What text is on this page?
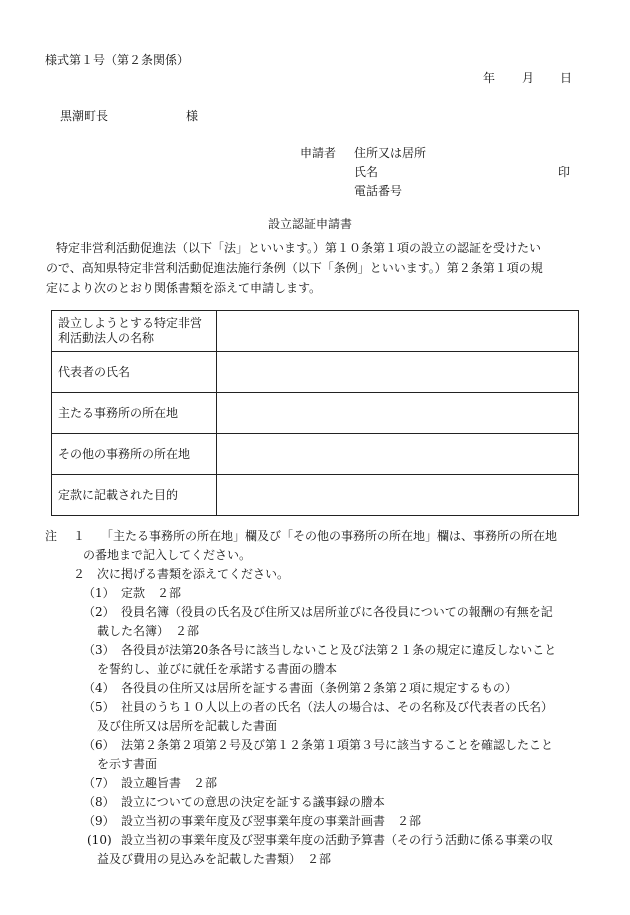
様式第１号（第２条関係）
年 月 日
黒潮町長	様
申請者 住所又は居所
氏名	印
電話番号
設立認証申請書
特定非営利活動促進法（以下「法」といいます。）第１０条第１項の設立の認証を受けたい
ので、高知県特定非営利活動促進法施行条例（以下「条例」といいます。）第２条第１項の規
定により次のとおり関係書類を添えて申請します。
設立しようとする特定非営
利活動法人の名称	

代表者の氏名	
主たる事務所の所在地	
その他の事務所の所在地	
定款に記載された目的	
注 １ 「主たる事務所の所在地」欄及び「その他の事務所の所在地」欄は、事務所の所在地
の番地まで記入してください。
２ 次に掲げる書類を添えてください。
（1） 定款　２部
（2） 役員名簿（役員の氏名及び住所又は居所並びに各役員についての報酬の有無を記
載した名簿）　２部
（3） 各役員が法第20条各号に該当しないこと及び法第２１条の規定に違反しないこと
を誓約し、並びに就任を承諾する書面の謄本
（4） 各役員の住所又は居所を証する書面（条例第２条第２項に規定するもの）
（5） 社員のうち１０人以上の者の氏名（法人の場合は、その名称及び代表者の氏名）
及び住所又は居所を記載した書面
（6） 法第２条第２項第２号及び第１２条第１項第３号に該当することを確認したこと
を示す書面
（7） 設立趣旨書　２部
（8） 設立についての意思の決定を証する議事録の謄本
（9） 設立当初の事業年度及び翌事業年度の事業計画書　２部
(10) 設立当初の事業年度及び翌事業年度の活動予算書（その行う活動に係る事業の収
益及び費用の見込みを記載した書類）　２部
